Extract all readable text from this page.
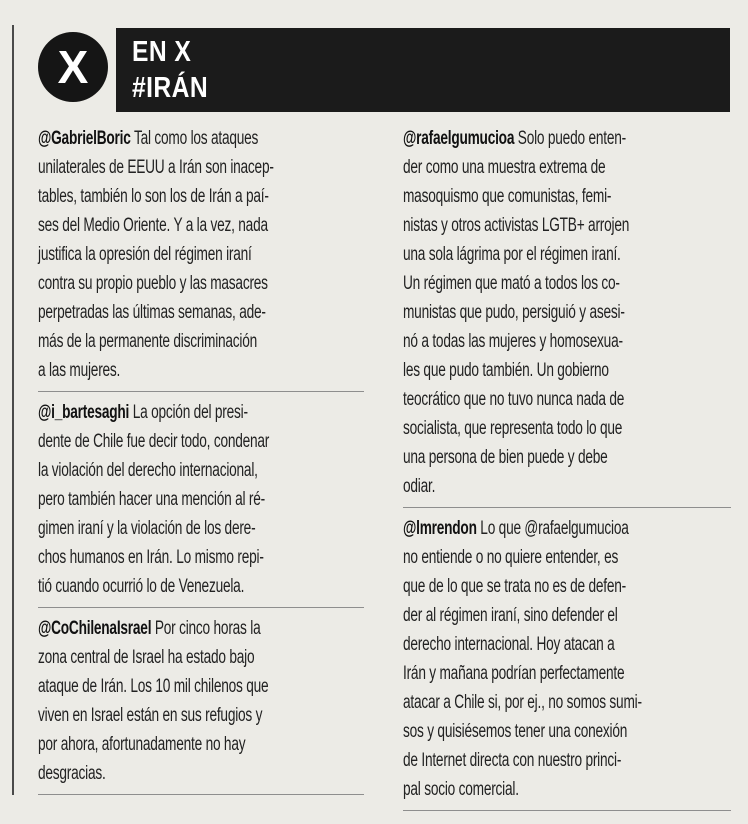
X	EN X
#IRÁN
@GabrielBoric Tal como los ataques
unilaterales de EEUU a Irán son inacep-
tables, también lo son los de Irán a paí-
ses del Medio Oriente. Y a la vez, nada
justifica la opresión del régimen iraní
contra su propio pueblo y las masacres
perpetradas las últimas semanas, ade-
más de la permanente discriminación
a las mujeres.
@i_bartesaghi La opción del presi-
dente de Chile fue decir todo, condenar
la violación del derecho internacional,
pero también hacer una mención al ré-
gimen iraní y la violación de los dere-
chos humanos en Irán. Lo mismo repi-
tió cuando ocurrió lo de Venezuela.
@CoChilenaIsrael Por cinco horas la
zona central de Israel ha estado bajo
ataque de Irán. Los 10 mil chilenos que
viven en Israel están en sus refugios y
por ahora, afortunadamente no hay
desgracias.
@rafaelgumucioa Solo puedo enten-
der como una muestra extrema de
masoquismo que comunistas, femi-
nistas y otros activistas LGTB+ arrojen
una sola lágrima por el régimen iraní.
Un régimen que mató a todos los co-
munistas que pudo, persiguió y asesi-
nó a todas las mujeres y homosexua-
les que pudo también. Un gobierno
teocrático que no tuvo nunca nada de
socialista, que representa todo lo que
una persona de bien puede y debe
odiar.
@lmrendon Lo que @rafaelgumucioa
no entiende o no quiere entender, es
que de lo que se trata no es de defen-
der al régimen iraní, sino defender el
derecho internacional. Hoy atacan a
Irán y mañana podrían perfectamente
atacar a Chile si, por ej., no somos sumi-
sos y quisiésemos tener una conexión
de Internet directa con nuestro princi-
pal socio comercial.
